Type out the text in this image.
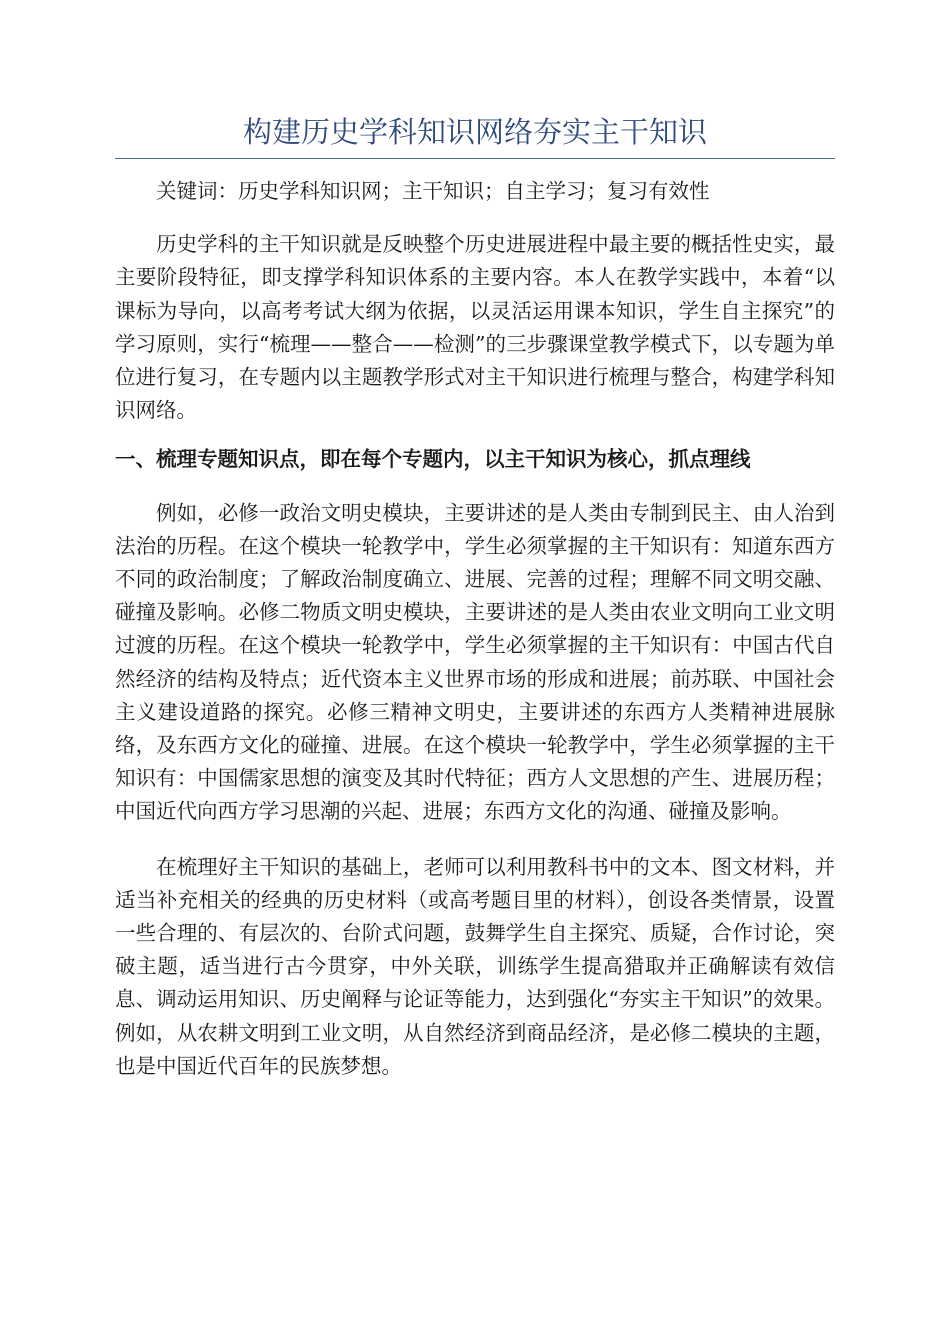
构建历史学科知识网络夯实主干知识

关键词：历史学科知识网；主干知识；自主学习；复习有效性

历史学科的主干知识就是反映整个历史进展进程中最主要的概括性史实，最主要阶段特征，即支撑学科知识体系的主要内容。本人在教学实践中，本着“以课标为导向，以高考考试大纲为依据，以灵活运用课本知识，学生自主探究”的学习原则，实行“梳理——整合——检测”的三步骤课堂教学模式下，以专题为单位进行复习，在专题内以主题教学形式对主干知识进行梳理与整合，构建学科知识网络。

一、梳理专题知识点，即在每个专题内，以主干知识为核心，抓点理线

例如，必修一政治文明史模块，主要讲述的是人类由专制到民主、由人治到法治的历程。在这个模块一轮教学中，学生必须掌握的主干知识有：知道东西方不同的政治制度；了解政治制度确立、进展、完善的过程；理解不同文明交融、碰撞及影响。必修二物质文明史模块，主要讲述的是人类由农业文明向工业文明过渡的历程。在这个模块一轮教学中，学生必须掌握的主干知识有：中国古代自然经济的结构及特点；近代资本主义世界市场的形成和进展；前苏联、中国社会主义建设道路的探究。必修三精神文明史，主要讲述的东西方人类精神进展脉络，及东西方文化的碰撞、进展。在这个模块一轮教学中，学生必须掌握的主干知识有：中国儒家思想的演变及其时代特征；西方人文思想的产生、进展历程；中国近代向西方学习思潮的兴起、进展；东西方文化的沟通、碰撞及影响。

在梳理好主干知识的基础上，老师可以利用教科书中的文本、图文材料，并适当补充相关的经典的历史材料（或高考题目里的材料），创设各类情景，设置一些合理的、有层次的、台阶式问题，鼓舞学生自主探究、质疑，合作讨论，突破主题，适当进行古今贯穿，中外关联，训练学生提高猎取并正确解读有效信息、调动运用知识、历史阐释与论证等能力，达到强化“夯实主干知识”的效果。例如，从农耕文明到工业文明，从自然经济到商品经济，是必修二模块的主题，也是中国近代百年的民族梦想。
